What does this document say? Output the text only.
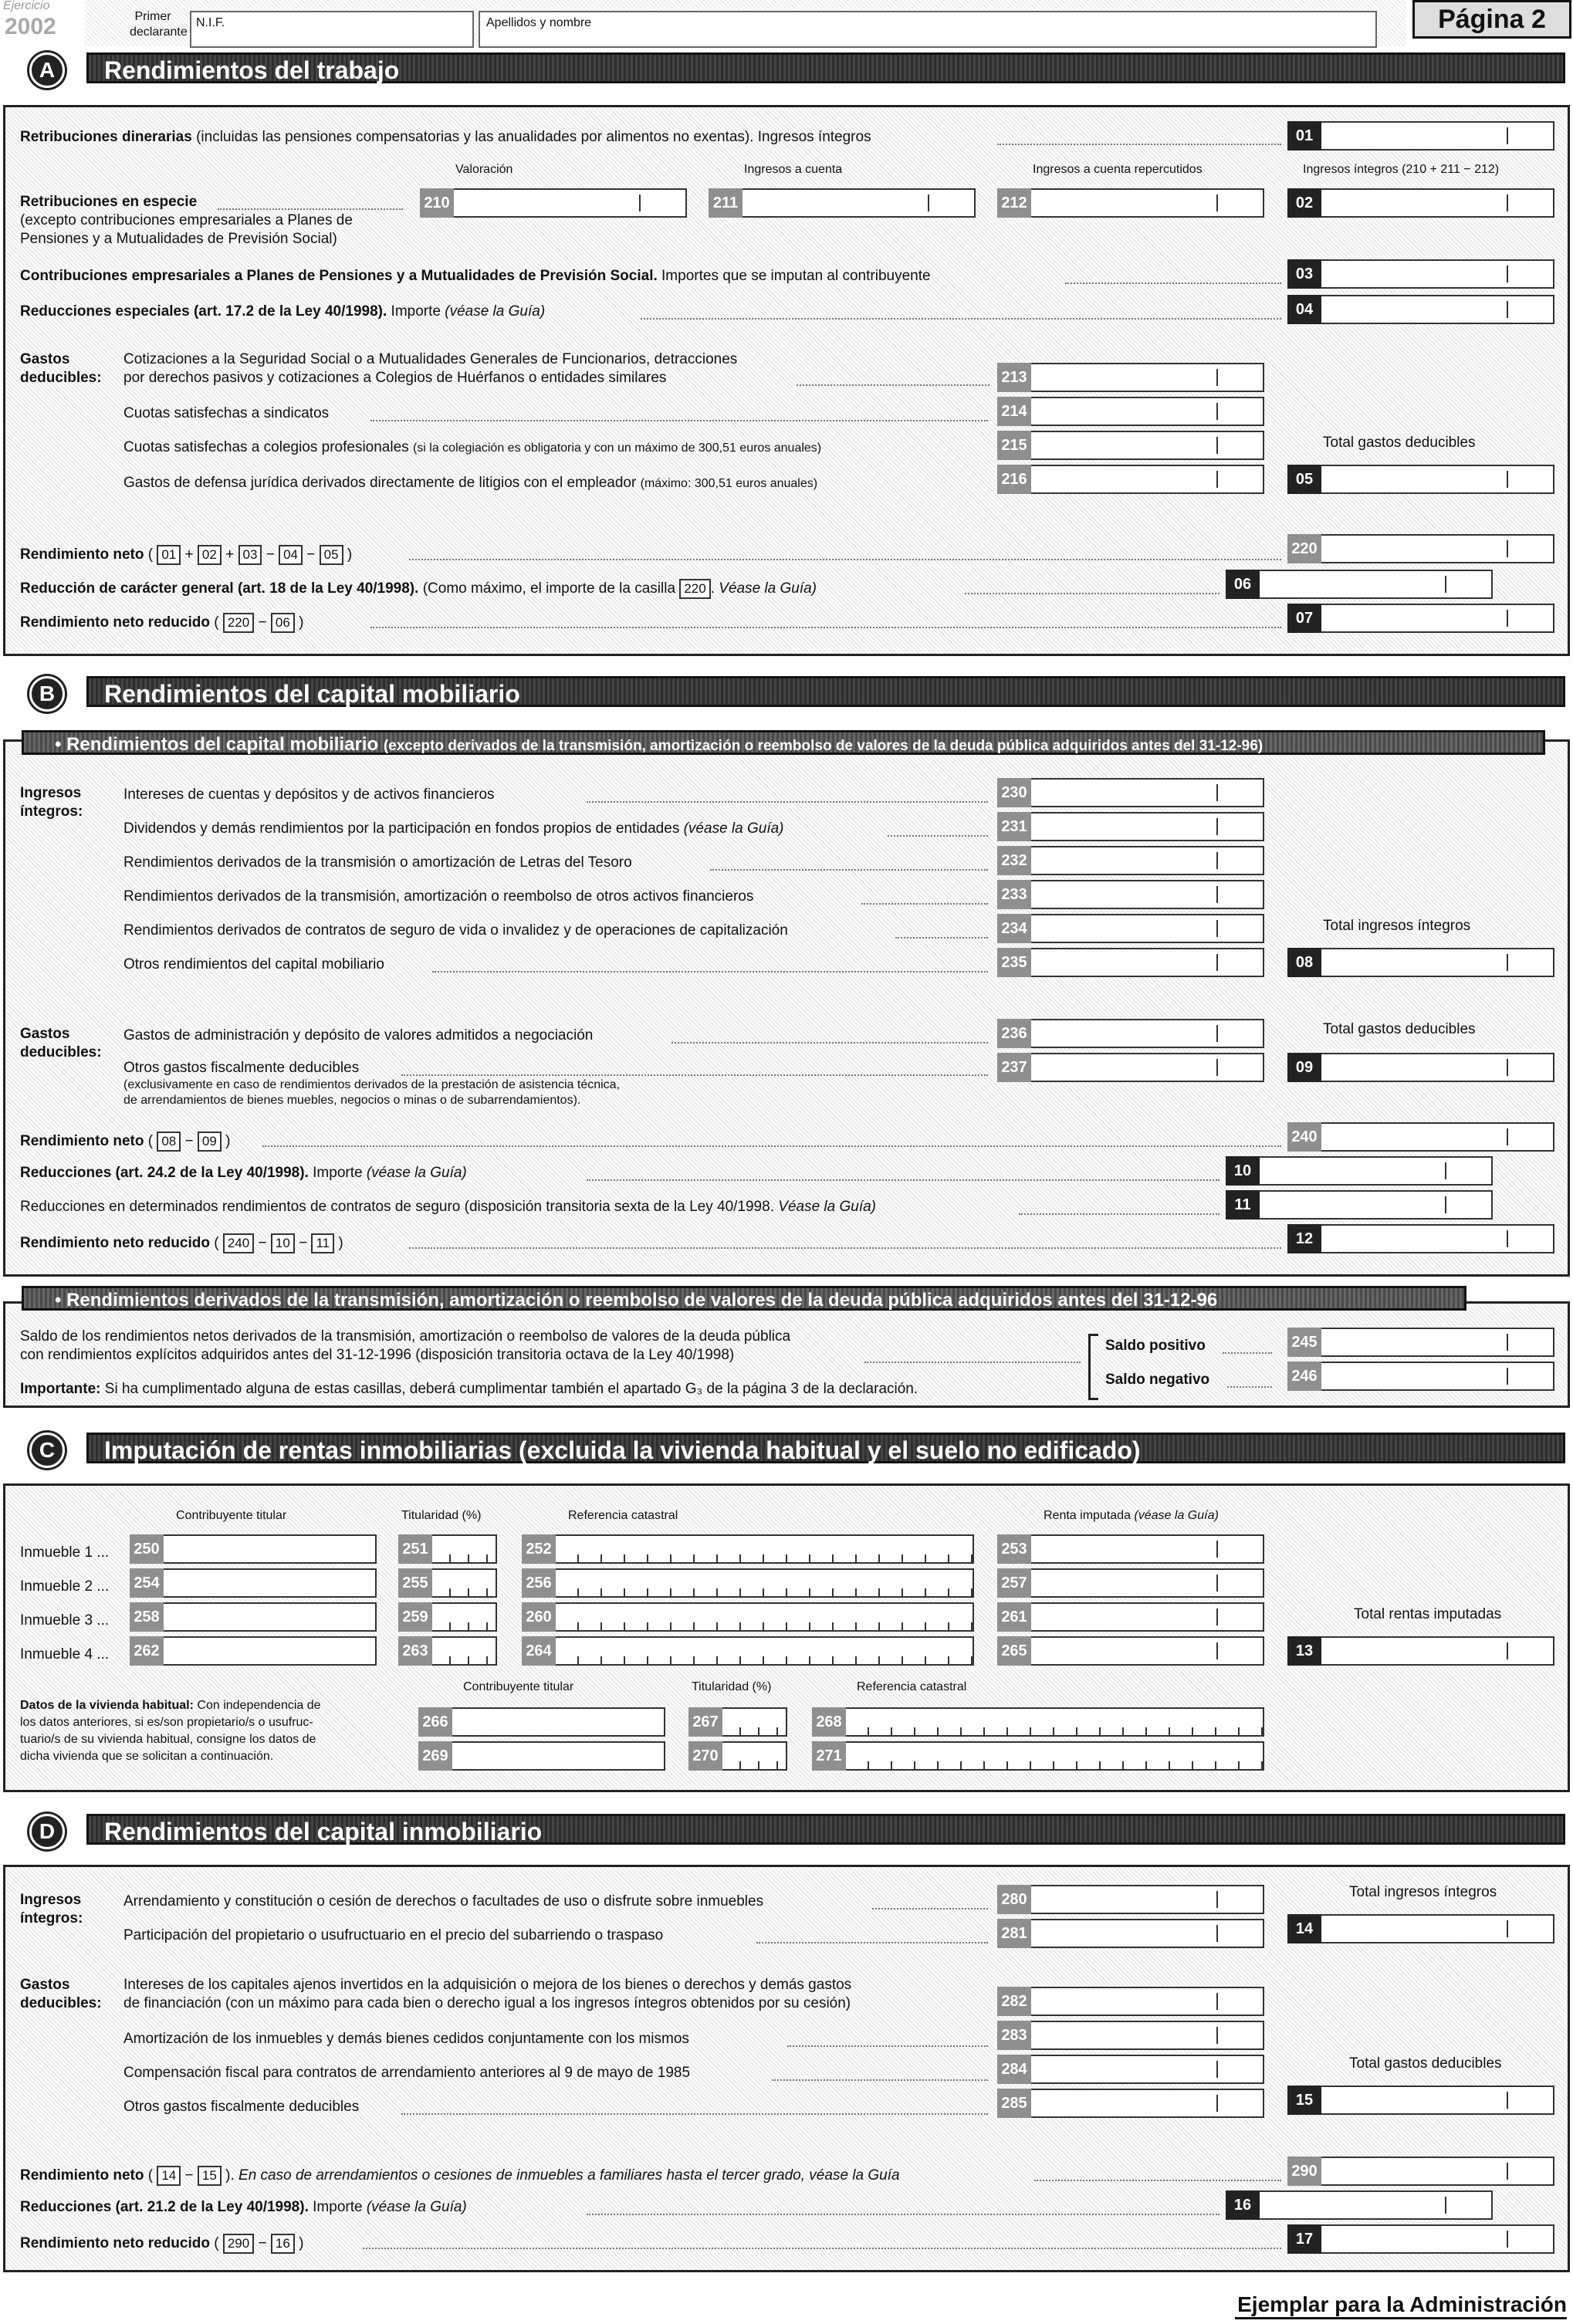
Ejercicio
2002	Primer declarante
N.I.F.	Apellidos y nombre	Página 2
Rendimientos del trabajo
A
Retribuciones dinerarias (incluidas las pensiones compensatorias y las anualidades por alimentos no exentas). Ingresos íntegros	01
Valoración	Ingresos a cuenta	Ingresos a cuenta repercutidos	Ingresos íntegros (210 + 211 − 212)
Retribuciones en especie
(excepto contribuciones empresariales a Planes de
Pensiones y a Mutualidades de Previsión Social)
210	211	212	02
Contribuciones empresariales a Planes de Pensiones y a Mutualidades de Previsión Social. Importes que se imputan al contribuyente	03
Reducciones especiales (art. 17.2 de la Ley 40/1998). Importe (véase la Guía)	04
Gastos
deducibles:
Cotizaciones a la Seguridad Social o a Mutualidades Generales de Funcionarios, detracciones
por derechos pasivos y cotizaciones a Colegios de Huérfanos o entidades similares	213
Cuotas satisfechas a sindicatos	214
Cuotas satisfechas a colegios profesionales (si la colegiación es obligatoria y con un máximo de 300,51 euros anuales)	215	Total gastos deducibles
Gastos de defensa jurídica derivados directamente de litigios con el empleador (máximo: 300,51 euros anuales)	216	05
Rendimiento neto ( 01 + 02 + 03 − 04 − 05 )	220
Reducción de carácter general (art. 18 de la Ley 40/1998). (Como máximo, el importe de la casilla 220 . Véase la Guía)	06
Rendimiento neto reducido ( 220 − 06 )	07
Rendimientos del capital mobiliario
B
• Rendimientos del capital mobiliario (excepto derivados de la transmisión, amortización o reembolso de valores de la deuda pública adquiridos antes del 31-12-96)
Ingresos
íntegros:
Intereses de cuentas y depósitos y de activos financieros	230
Dividendos y demás rendimientos por la participación en fondos propios de entidades (véase la Guía)	231
Rendimientos derivados de la transmisión o amortización de Letras del Tesoro	232
Rendimientos derivados de la transmisión, amortización o reembolso de otros activos financieros	233
Rendimientos derivados de contratos de seguro de vida o invalidez y de operaciones de capitalización	234	Total ingresos íntegros
Otros rendimientos del capital mobiliario	235	08
Gastos
deducibles:
Gastos de administración y depósito de valores admitidos a negociación	236	Total gastos deducibles
Otros gastos fiscalmente deducibles
(exclusivamente en caso de rendimientos derivados de la prestación de asistencia técnica,
de arrendamientos de bienes muebles, negocios o minas o de subarrendamientos).
237	09
Rendimiento neto ( 08 − 09 )	240
Reducciones (art. 24.2 de la Ley 40/1998). Importe (véase la Guía)	10
Reducciones en determinados rendimientos de contratos de seguro (disposición transitoria sexta de la Ley 40/1998. Véase la Guía)	11
Rendimiento neto reducido ( 240 − 10 − 11 )	12
• Rendimientos derivados de la transmisión, amortización o reembolso de valores de la deuda pública adquiridos antes del 31-12-96
Saldo de los rendimientos netos derivados de la transmisión, amortización o reembolso de valores de la deuda pública
con rendimientos explícitos adquiridos antes del 31-12-1996 (disposición transitoria octava de la Ley 40/1998)
Importante: Si ha cumplimentado alguna de estas casillas, deberá cumplimentar también el apartado G₃ de la página 3 de la declaración.
Saldo positivo	245
Saldo negativo	246
Imputación de rentas inmobiliarias (excluida la vivienda habitual y el suelo no edificado)
C
Contribuyente titular	Titularidad (%)	Referencia catastral	Renta imputada (véase la Guía)
Inmueble 1 ... 250	251	252	253
Inmueble 2 ... 254	255	256	257
Inmueble 3 ... 258	259	260	261	Total rentas imputadas
Inmueble 4 ... 262	263	264	265	13
Datos de la vivienda habitual: Con independencia de
los datos anteriores, si es/son propietario/s o usufruc-
tuario/s de su vivienda habitual, consigne los datos de
dicha vivienda que se solicitan a continuación.
Contribuyente titular	Titularidad (%)	Referencia catastral
266	267	268
269	270	271
Rendimientos del capital inmobiliario
D
Ingresos
íntegros:
Arrendamiento y constitución o cesión de derechos o facultades de uso o disfrute sobre inmuebles	280	Total ingresos íntegros
Participación del propietario o usufructuario en el precio del subarriendo o traspaso	281	14
Gastos
deducibles:
Intereses de los capitales ajenos invertidos en la adquisición o mejora de los bienes o derechos y demás gastos
de financiación (con un máximo para cada bien o derecho igual a los ingresos íntegros obtenidos por su cesión)	282
Amortización de los inmuebles y demás bienes cedidos conjuntamente con los mismos	283
Compensación fiscal para contratos de arrendamiento anteriores al 9 de mayo de 1985	284	Total gastos deducibles
Otros gastos fiscalmente deducibles	285	15
Rendimiento neto ( 14 − 15 ). En caso de arrendamientos o cesiones de inmuebles a familiares hasta el tercer grado, véase la Guía	290
Reducciones (art. 21.2 de la Ley 40/1998). Importe (véase la Guía)	16
Rendimiento neto reducido ( 290 − 16 )	17
Ejemplar para la Administración
